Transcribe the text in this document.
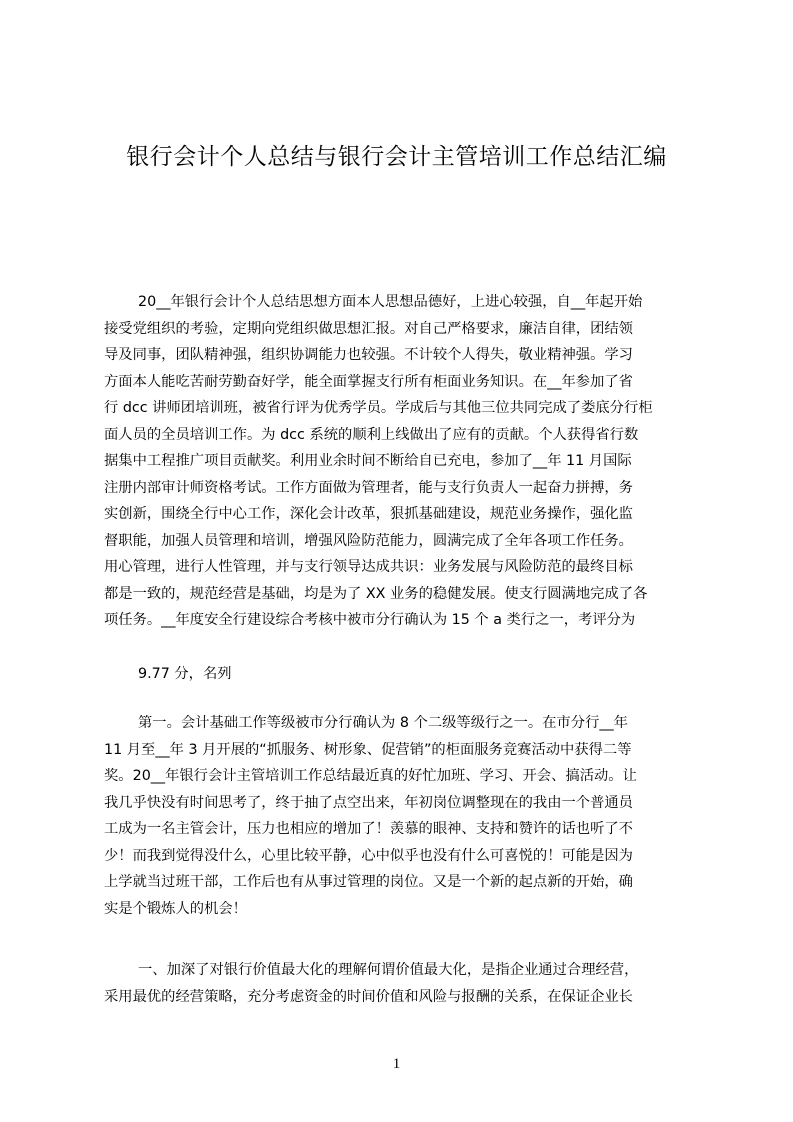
银行会计个人总结与银行会计主管培训工作总结汇编
20__年银行会计个人总结思想方面本人思想品德好，上进心较强，自__年起开始
接受党组织的考验，定期向党组织做思想汇报。对自己严格要求，廉洁自律，团结领
导及同事，团队精神强，组织协调能力也较强。不计较个人得失，敬业精神强。学习
方面本人能吃苦耐劳勤奋好学，能全面掌握支行所有柜面业务知识。在__年参加了省
行 dcc 讲师团培训班，被省行评为优秀学员。学成后与其他三位共同完成了娄底分行柜
面人员的全员培训工作。为 dcc 系统的顺利上线做出了应有的贡献。个人获得省行数
据集中工程推广项目贡献奖。利用业余时间不断给自已充电，参加了__年 11 月国际
注册内部审计师资格考试。工作方面做为管理者，能与支行负责人一起奋力拼搏，务
实创新，围绕全行中心工作，深化会计改革，狠抓基础建设，规范业务操作，强化监
督职能，加强人员管理和培训，增强风险防范能力，圆满完成了全年各项工作任务。
用心管理，进行人性管理，并与支行领导达成共识：业务发展与风险防范的最终目标
都是一致的，规范经营是基础，均是为了 XX 业务的稳健发展。使支行圆满地完成了各
项任务。__年度安全行建设综合考核中被市分行确认为 15 个 a 类行之一，考评分为
9.77 分，名列
第一。会计基础工作等级被市分行确认为 8 个二级等级行之一。在市分行__年
11 月至__年 3 月开展的“抓服务、树形象、促营销”的柜面服务竞赛活动中获得二等
奖。20__年银行会计主管培训工作总结最近真的好忙加班、学习、开会、搞活动。让
我几乎快没有时间思考了，终于抽了点空出来，年初岗位调整现在的我由一个普通员
工成为一名主管会计，压力也相应的增加了！羡慕的眼神、支持和赞许的话也听了不
少！而我到觉得没什么，心里比较平静，心中似乎也没有什么可喜悦的！可能是因为
上学就当过班干部，工作后也有从事过管理的岗位。又是一个新的起点新的开始，确
实是个锻炼人的机会！
一、加深了对银行价值最大化的理解何谓价值最大化，是指企业通过合理经营，
采用最优的经营策略，充分考虑资金的时间价值和风险与报酬的关系，在保证企业长
1
